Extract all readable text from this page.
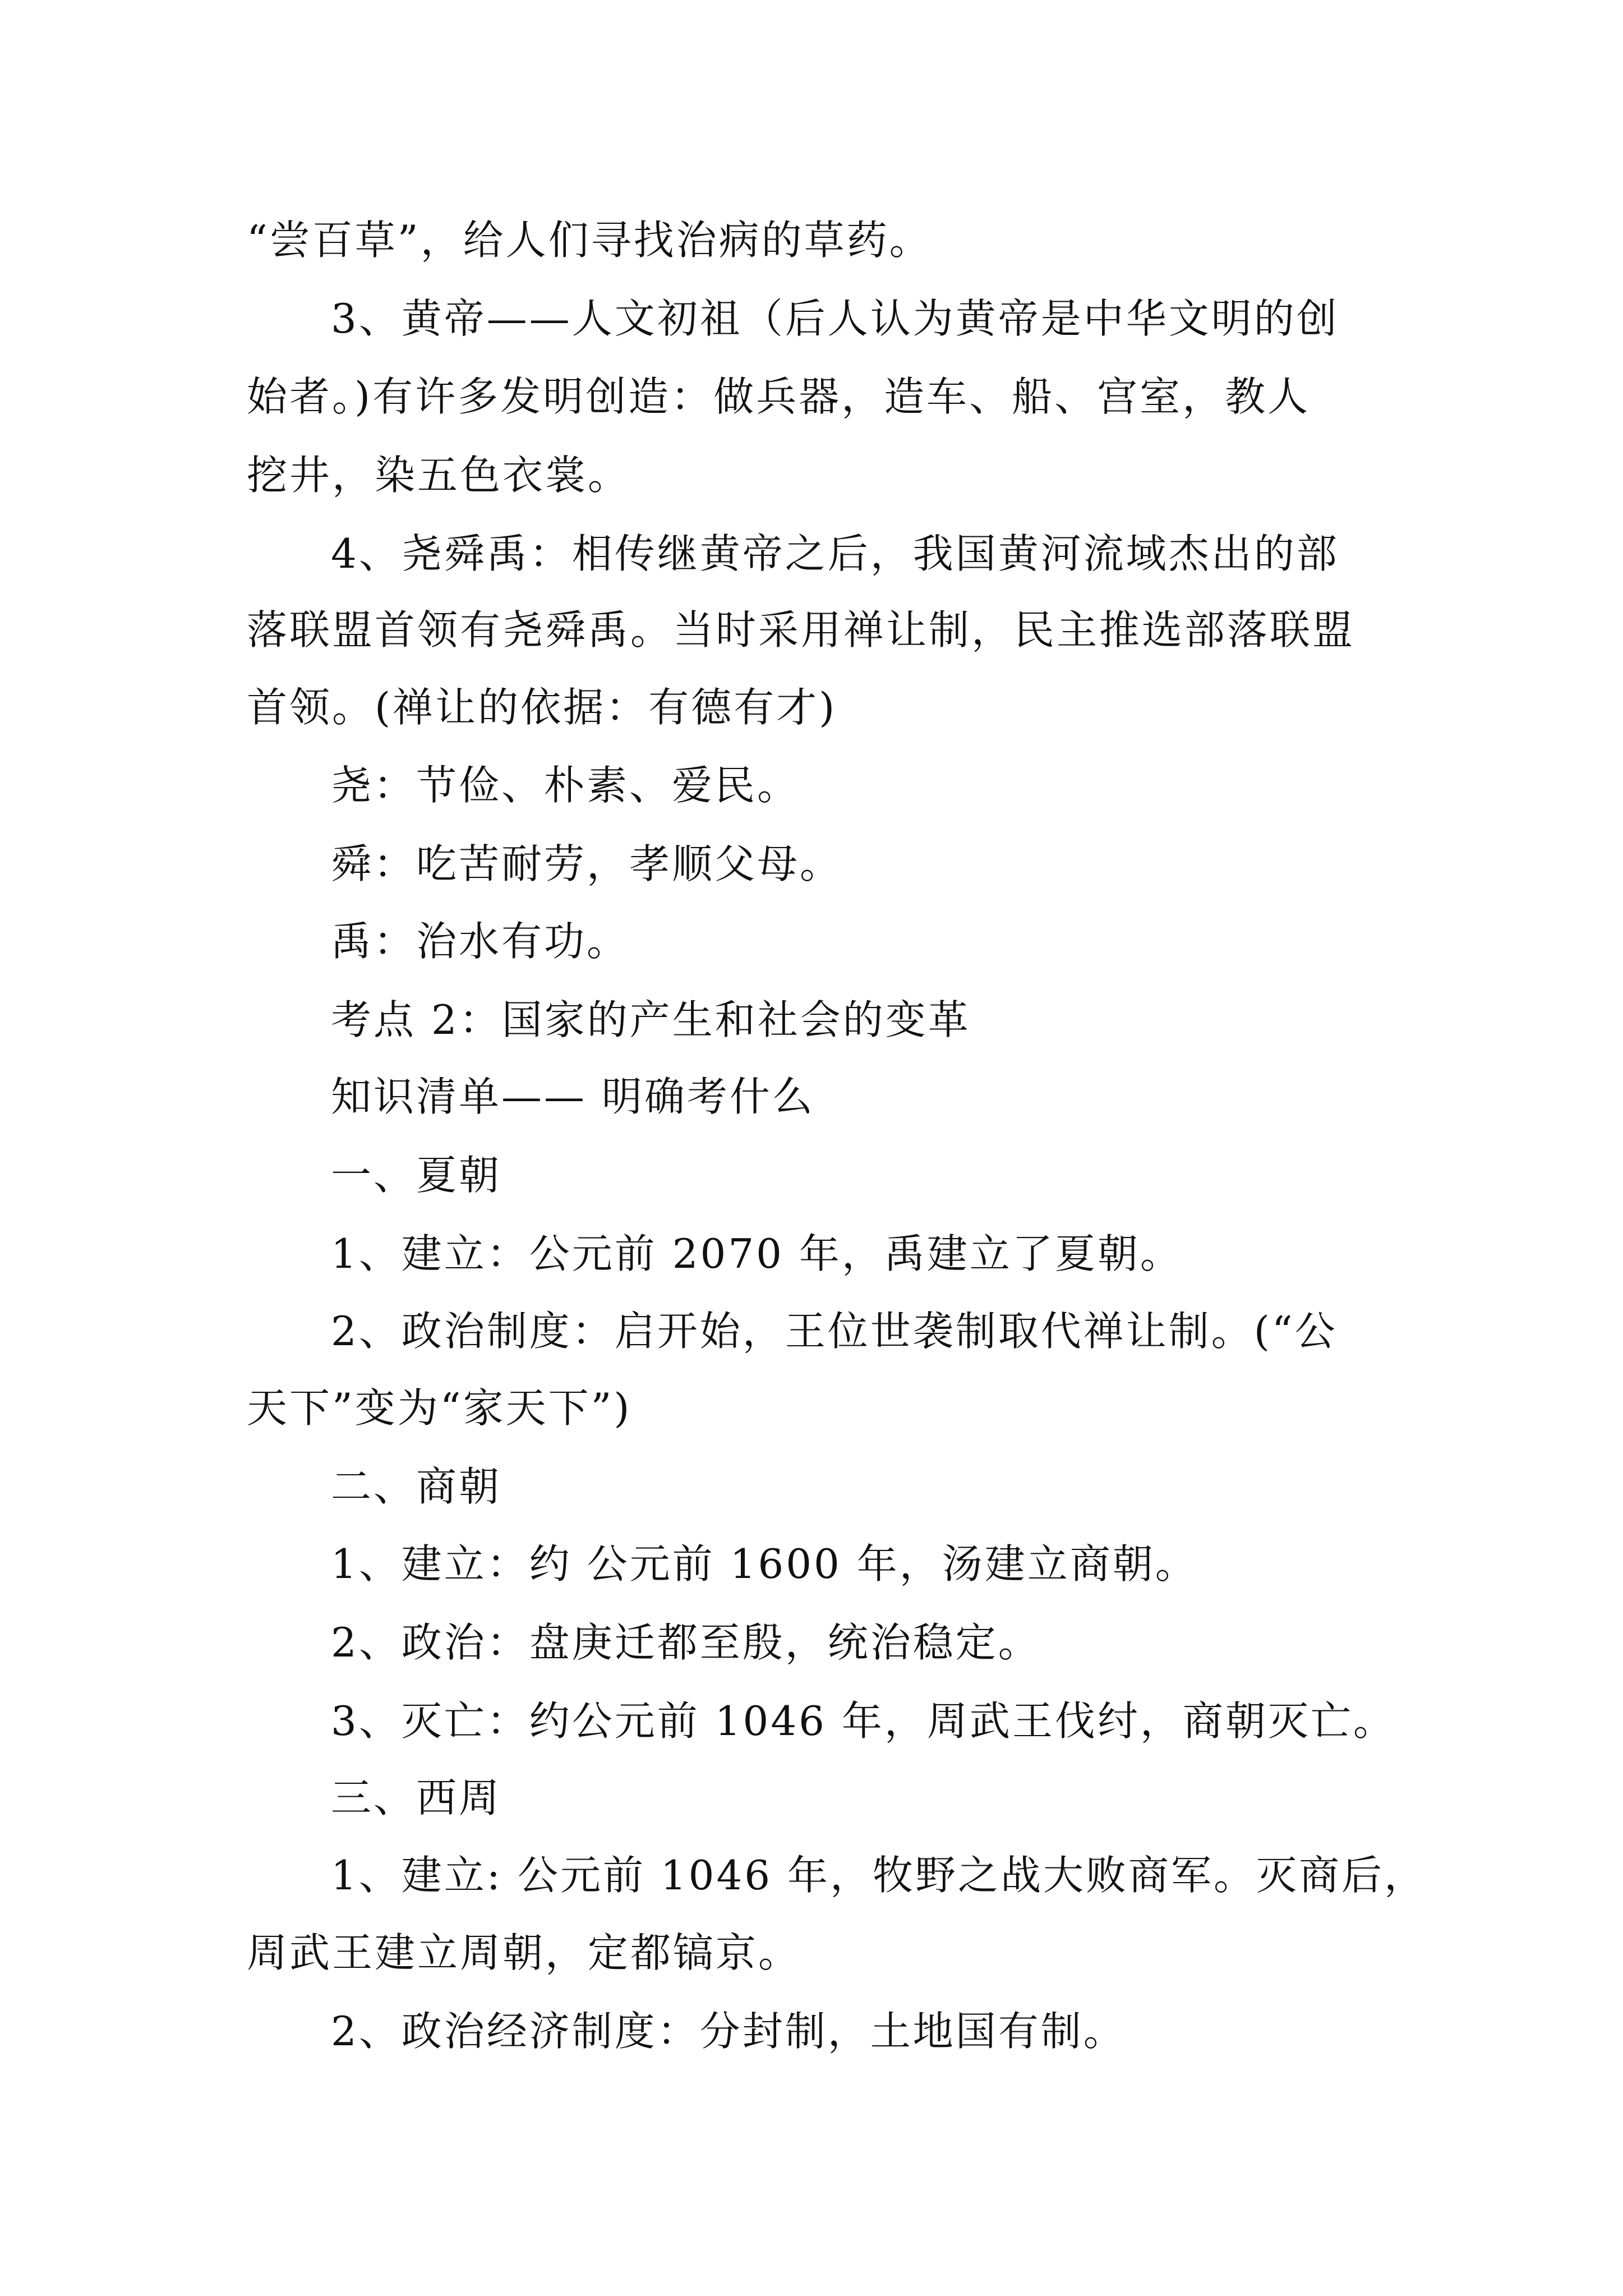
“尝百草”，给人们寻找治病的草药。
3、黄帝——人文初祖（后人认为黄帝是中华文明的创
始者。)有许多发明创造：做兵器，造车、船、宫室，教人
挖井，染五色衣裳。
4、尧舜禹：相传继黄帝之后，我国黄河流域杰出的部
落联盟首领有尧舜禹。当时采用禅让制，民主推选部落联盟
首领。(禅让的依据：有德有才)
尧：节俭、朴素、爱民。
舜：吃苦耐劳，孝顺父母。
禹：治水有功。
考点 2：国家的产生和社会的变革
知识清单—— 明确考什么
一、夏朝
1、建立：公元前 2070 年，禹建立了夏朝。
2、政治制度：启开始，王位世袭制取代禅让制。(“公
天下”变为“家天下”)
二、商朝
1、建立：约 公元前 1600 年，汤建立商朝。
2、政治：盘庚迁都至殷，统治稳定。
3、灭亡：约公元前 1046 年，周武王伐纣，商朝灭亡。
三、西周
1、建立: 公元前 1046 年，牧野之战大败商军。灭商后，
周武王建立周朝，定都镐京。
2、政治经济制度：分封制，土地国有制。
